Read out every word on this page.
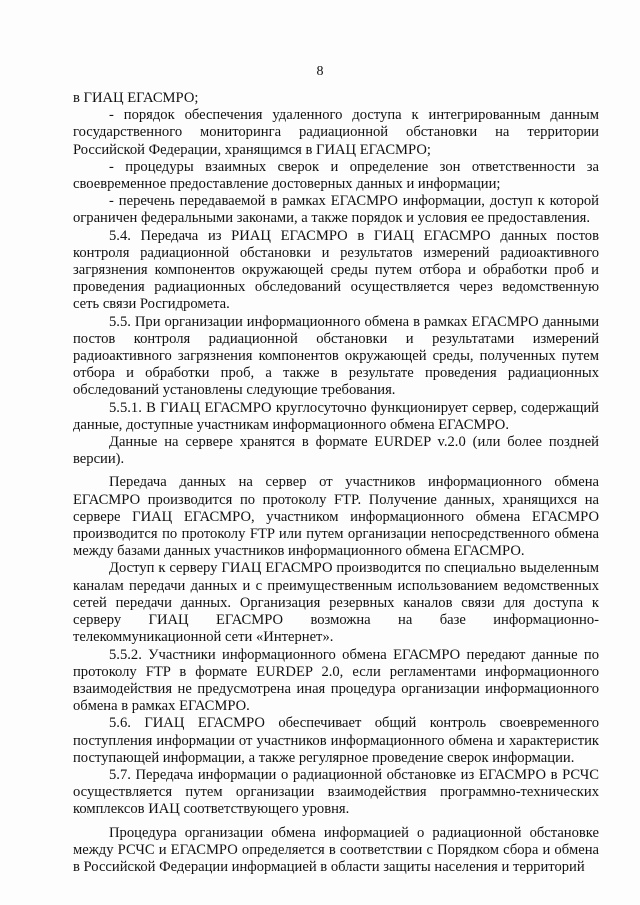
8

в ГИАЦ ЕГАСМРО;

- порядок обеспечения удаленного доступа к интегрированным данным государственного мониторинга радиационной обстановки на территории Российской Федерации, хранящимся в ГИАЦ ЕГАСМРО;

- процедуры взаимных сверок и определение зон ответственности за своевременное предоставление достоверных данных и информации;

- перечень передаваемой в рамках ЕГАСМРО информации, доступ к которой ограничен федеральными законами, а также порядок и условия ее предоставления.

5.4. Передача из РИАЦ ЕГАСМРО в ГИАЦ ЕГАСМРО данных постов контроля радиационной обстановки и результатов измерений радиоактивного загрязнения компонентов окружающей среды путем отбора и обработки проб и проведения радиационных обследований осуществляется через ведомственную сеть связи Росгидромета.

5.5. При организации информационного обмена в рамках ЕГАСМРО данными постов контроля радиационной обстановки и результатами измерений радиоактивного загрязнения компонентов окружающей среды, полученных путем отбора и обработки проб, а также в результате проведения радиационных обследований установлены следующие требования.

5.5.1. В ГИАЦ ЕГАСМРО круглосуточно функционирует сервер, содержащий данные, доступные участникам информационного обмена ЕГАСМРО.

Данные на сервере хранятся в формате EURDEP v.2.0 (или более поздней версии).

Передача данных на сервер от участников информационного обмена ЕГАСМРО производится по протоколу FTP. Получение данных, хранящихся на сервере ГИАЦ ЕГАСМРО, участником информационного обмена ЕГАСМРО производится по протоколу FTP или путем организации непосредственного обмена между базами данных участников информационного обмена ЕГАСМРО.

Доступ к серверу ГИАЦ ЕГАСМРО производится по специально выделенным каналам передачи данных и с преимущественным использованием ведомственных сетей передачи данных. Организация резервных каналов связи для доступа к серверу ГИАЦ ЕГАСМРО возможна на базе информационно-телекоммуникационной сети «Интернет».

5.5.2. Участники информационного обмена ЕГАСМРО передают данные по протоколу FTP в формате EURDEP 2.0, если регламентами информационного взаимодействия не предусмотрена иная процедура организации информационного обмена в рамках ЕГАСМРО.

5.6. ГИАЦ ЕГАСМРО обеспечивает общий контроль своевременного поступления информации от участников информационного обмена и характеристик поступающей информации, а также регулярное проведение сверок информации.

5.7. Передача информации о радиационной обстановке из ЕГАСМРО в РСЧС осуществляется путем организации взаимодействия программно-технических комплексов ИАЦ соответствующего уровня.

Процедура организации обмена информацией о радиационной обстановке между РСЧС и ЕГАСМРО определяется в соответствии с Порядком сбора и обмена в Российской Федерации информацией в области защиты населения и территорий
